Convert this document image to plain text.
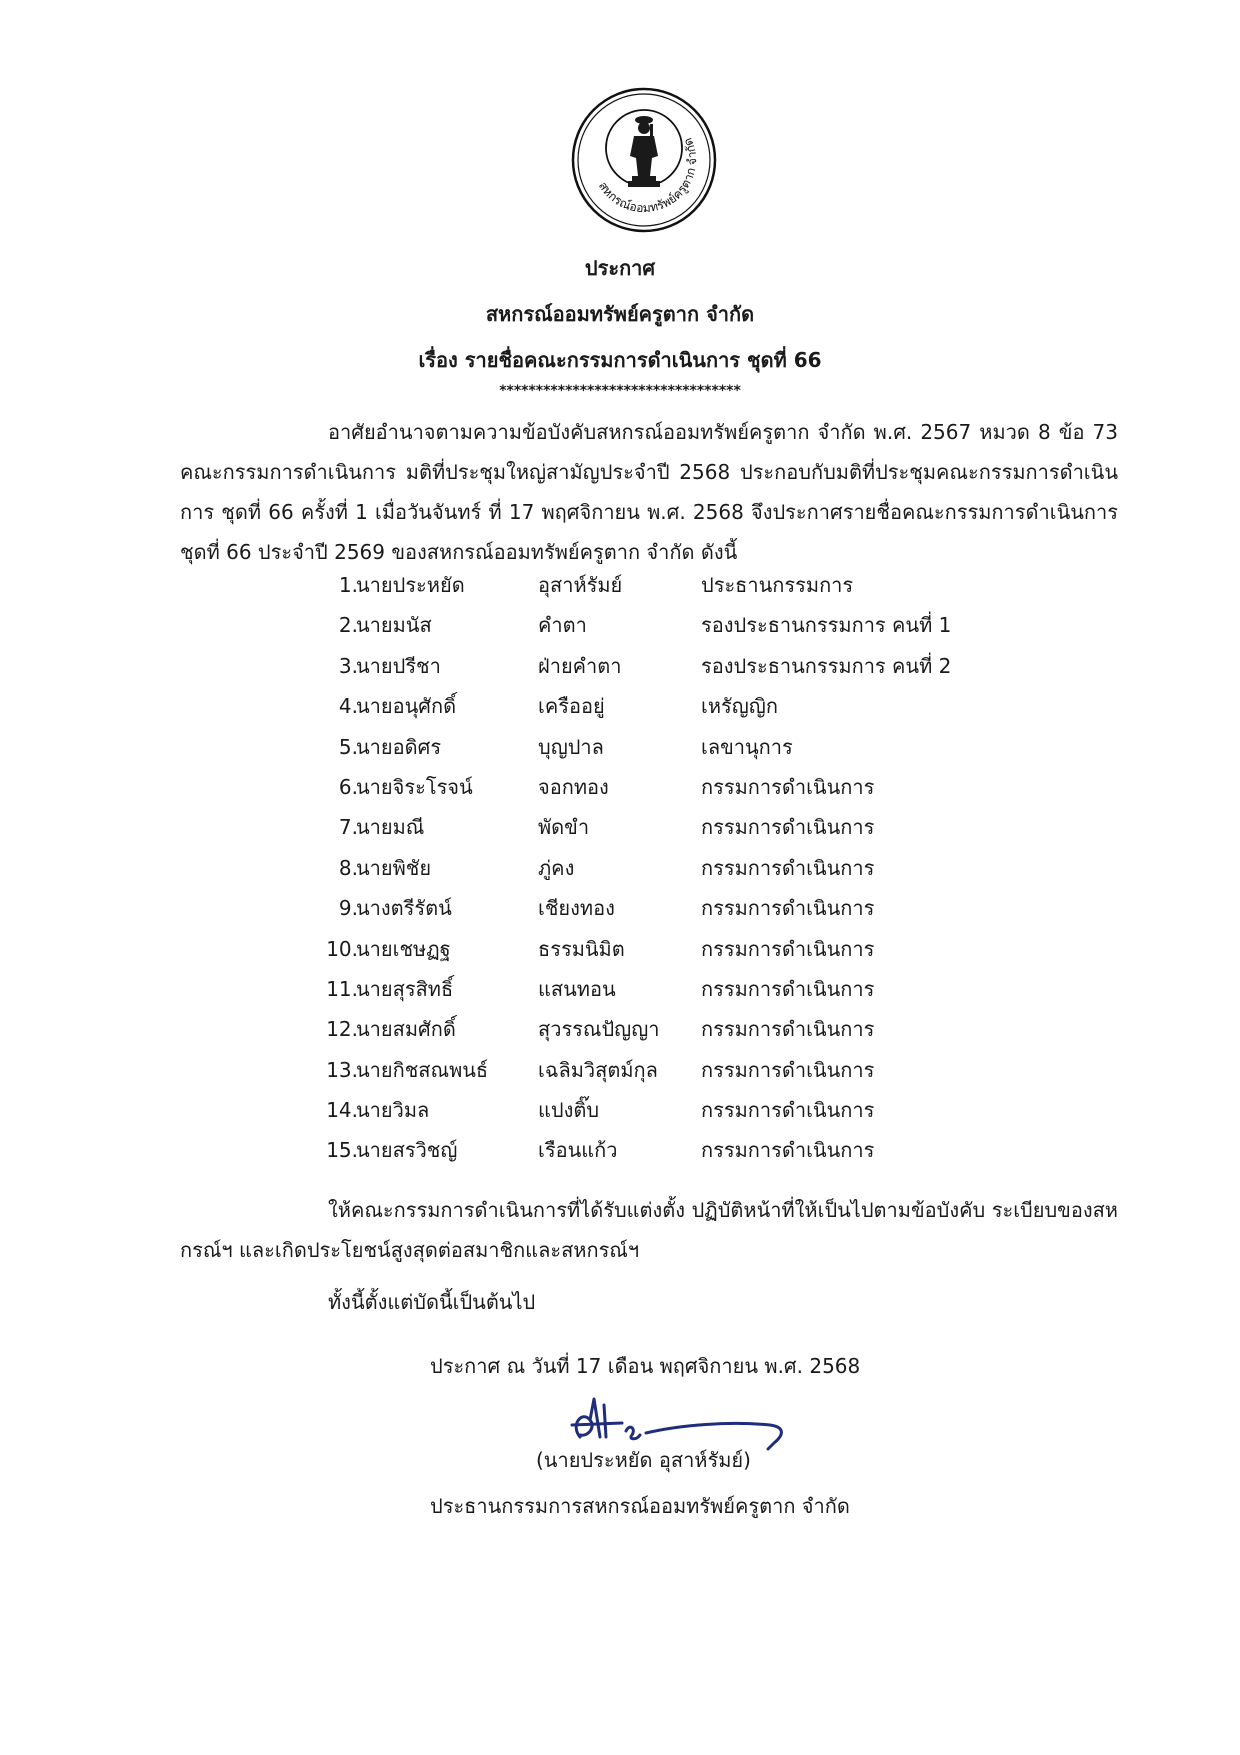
สหกรณ์ออมทรัพย์ครูตาก จำกัด
ประกาศ
สหกรณ์ออมทรัพย์ครูตาก จำกัด
เรื่อง รายชื่อคณะกรรมการดำเนินการ ชุดที่ 66
*********************************
อาศัยอำนาจตามความข้อบังคับสหกรณ์ออมทรัพย์ครูตาก จำกัด พ.ศ. 2567 หมวด 8 ข้อ 73 คณะกรรมการดำเนินการ มติที่ประชุมใหญ่สามัญประจำปี 2568 ประกอบกับมติที่ประชุมคณะกรรมการดำเนินการ ชุดที่ 66 ครั้งที่ 1 เมื่อวันจันทร์ ที่ 17 พฤศจิกายน พ.ศ. 2568 จึงประกาศรายชื่อคณะกรรมการดำเนินการ ชุดที่ 66 ประจำปี 2569 ของสหกรณ์ออมทรัพย์ครูตาก จำกัด ดังนี้
1.
นายประหยัด	อุสาห์รัมย์	ประธานกรรมการ
2.
นายมนัส	คำตา	รองประธานกรรมการ คนที่ 1
3.
นายปรีชา	ฝ่ายคำตา	รองประธานกรรมการ คนที่ 2
4.
นายอนุศักดิ์	เครืออยู่	เหรัญญิก
5.
นายอดิศร	บุญปาล	เลขานุการ
6.
นายจิระโรจน์	จอกทอง	กรรมการดำเนินการ
7.
นายมณี	พัดขำ	กรรมการดำเนินการ
8.
นายพิชัย	ภู่คง	กรรมการดำเนินการ
9.
นางตรีรัตน์	เชียงทอง	กรรมการดำเนินการ
10.
นายเชษฏฐ	ธรรมนิมิต	กรรมการดำเนินการ
11.
นายสุรสิทธิ์	แสนทอน	กรรมการดำเนินการ
12.
นายสมศักดิ์	สุวรรณปัญญา กรรมการดำเนินการ
13.
นายกิชสณพนธ์ เฉลิมวิสุตม์กุล กรรมการดำเนินการ
14.
นายวิมล	แปงติ๊บ	กรรมการดำเนินการ
15.
นายสรวิชญ์	เรือนแก้ว	กรรมการดำเนินการ
ให้คณะกรรมการดำเนินการที่ได้รับแต่งตั้ง ปฏิบัติหน้าที่ให้เป็นไปตามข้อบังคับ ระเบียบของสหกรณ์ฯ และเกิดประโยชน์สูงสุดต่อสมาชิกและสหกรณ์ฯ
ทั้งนี้ตั้งแต่บัดนี้เป็นต้นไป
ประกาศ ณ วันที่ 17 เดือน พฤศจิกายน พ.ศ. 2568
(นายประหยัด อุสาห์รัมย์)
ประธานกรรมการสหกรณ์ออมทรัพย์ครูตาก จำกัด
